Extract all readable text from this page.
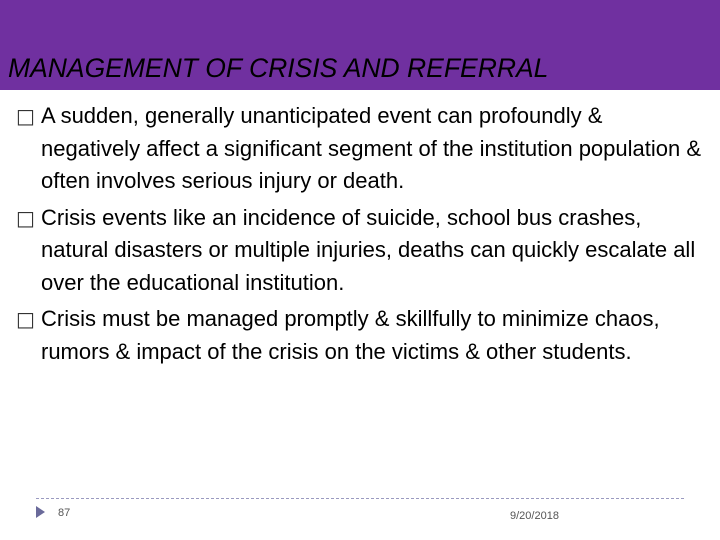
MANAGEMENT OF CRISIS AND REFERRAL
□ A sudden, generally unanticipated event can profoundly & negatively affect a significant segment of the institution population & often involves serious injury or death.
□ Crisis events like an incidence of suicide, school bus crashes, natural disasters or multiple injuries, deaths can quickly escalate all over the educational institution.
□ Crisis must be managed promptly & skillfully to minimize chaos, rumors & impact of the crisis on the victims & other students.
87	9/20/2018
